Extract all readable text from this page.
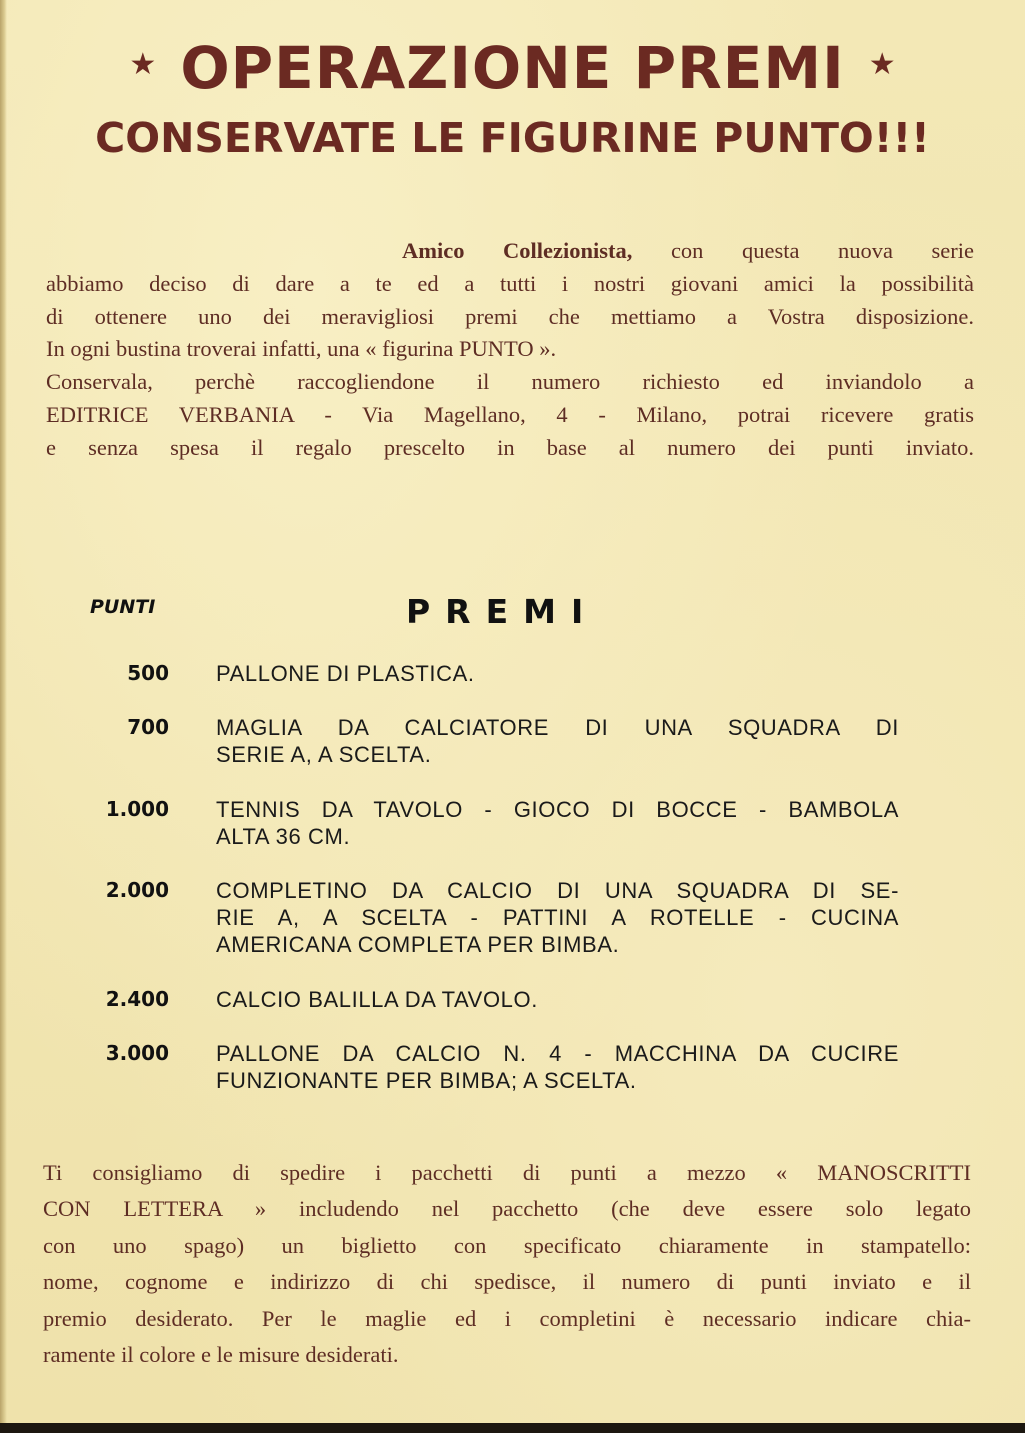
★ OPERAZIONE PREMI ★
CONSERVATE LE FIGURINE PUNTO!!!
Amico Collezionista, con questa nuova serie
abbiamo deciso di dare a te ed a tutti i nostri giovani amici la possibilità
di ottenere uno dei meravigliosi premi che mettiamo a Vostra disposizione.
In ogni bustina troverai infatti, una « figurina PUNTO ».
Conservala, perchè raccogliendone il numero richiesto ed inviandolo a
EDITRICE VERBANIA - Via Magellano, 4 - Milano, potrai ricevere gratis
e senza spesa il regalo prescelto in base al numero dei punti inviato.
PUNTI	PREMI
500 PALLONE DI PLASTICA.
700 MAGLIA DA CALCIATORE DI UNA SQUADRA DI
SERIE A, A SCELTA.
1.000 TENNIS DA TAVOLO - GIOCO DI BOCCE - BAMBOLA
ALTA 36 CM.
2.000 COMPLETINO DA CALCIO DI UNA SQUADRA DI SE-
RIE A, A SCELTA - PATTINI A ROTELLE - CUCINA
AMERICANA COMPLETA PER BIMBA.
2.400 CALCIO BALILLA DA TAVOLO.
3.000 PALLONE DA CALCIO N. 4 - MACCHINA DA CUCIRE
FUNZIONANTE PER BIMBA; A SCELTA.
Ti consigliamo di spedire i pacchetti di punti a mezzo « MANOSCRITTI
CON LETTERA » includendo nel pacchetto (che deve essere solo legato
con uno spago) un biglietto con specificato chiaramente in stampatello:
nome, cognome e indirizzo di chi spedisce, il numero di punti inviato e il
premio desiderato. Per le maglie ed i completini è necessario indicare chia-
ramente il colore e le misure desiderati.
